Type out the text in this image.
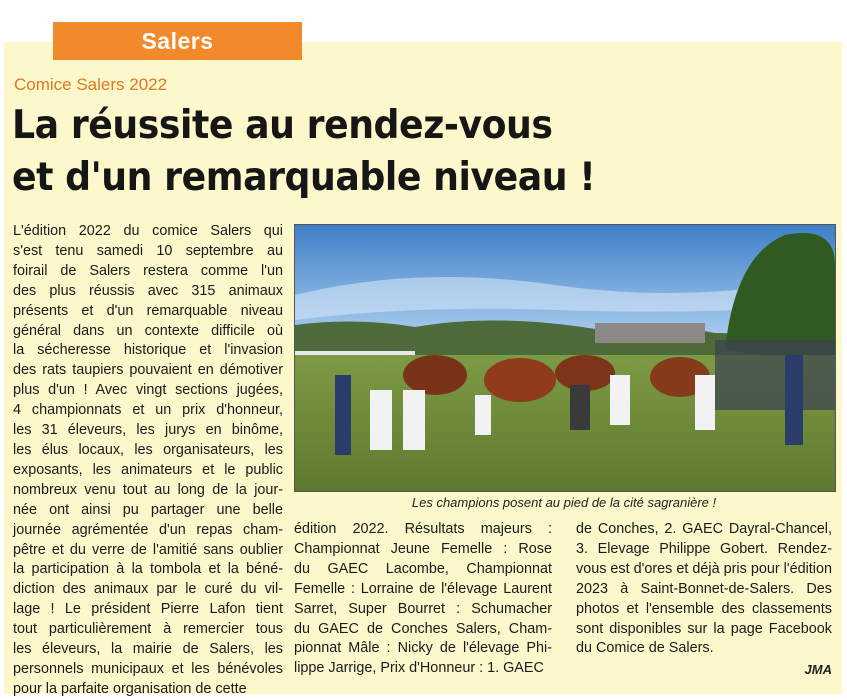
Salers
Comice Salers 2022
La réussite au rendez-vous
et d'un remarquable niveau !
L'édition 2022 du comice Salers qui
s'est tenu samedi 10 septembre au
foirail de Salers restera comme l'un
des plus réussis avec 315 animaux
présents et d'un remarquable niveau
général dans un contexte difficile où
la sécheresse historique et l'invasion
des rats taupiers pouvaient en démotiver
plus d'un ! Avec vingt sections jugées,
4 championnats et un prix d'honneur,
les 31 éleveurs, les jurys en binôme,
les élus locaux, les organisateurs, les
exposants, les animateurs et le public
nombreux venu tout au long de la jour-
née ont ainsi pu partager une belle
journée agrémentée d'un repas cham-
pêtre et du verre de l'amitié sans oublier
la participation à la tombola et la béné-
diction des animaux par le curé du vil-
lage ! Le président Pierre Lafon tient
tout particulièrement à remercier tous
les éleveurs, la mairie de Salers, les
personnels municipaux et les bénévoles
pour la parfaite organisation de cette
Les champions posent au pied de la cité sagranière !
édition 2022. Résultats majeurs :
Championnat Jeune Femelle : Rose
du GAEC Lacombe, Championnat
Femelle : Lorraine de l'élevage Laurent
Sarret, Super Bourret : Schumacher
du GAEC de Conches Salers, Cham-
pionnat Mâle : Nicky de l'élevage Phi-
lippe Jarrige, Prix d'Honneur : 1. GAEC
de Conches, 2. GAEC Dayral-Chancel,
3. Elevage Philippe Gobert. Rendez-
vous est d'ores et déjà pris pour l'édition
2023 à Saint-Bonnet-de-Salers. Des
photos et l'ensemble des classements
sont disponibles sur la page Facebook
du Comice de Salers.
JMA
